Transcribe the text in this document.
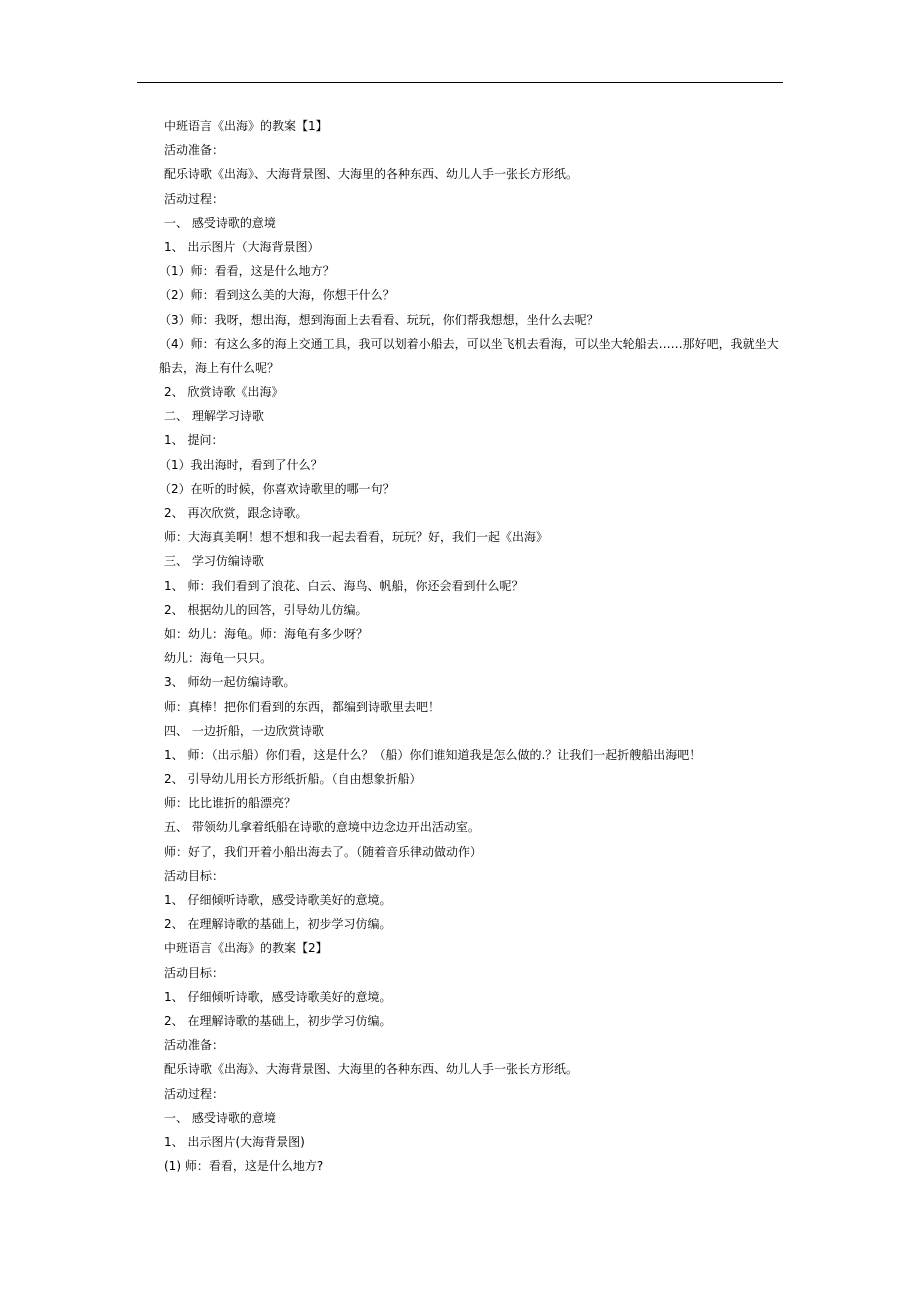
中班语言《出海》的教案【1】
活动准备：
配乐诗歌《出海》、大海背景图、大海里的各种东西、幼儿人手一张长方形纸。
活动过程：
一、 感受诗歌的意境
1、 出示图片（大海背景图）
（1）师：看看，这是什么地方？
（2）师：看到这么美的大海，你想干什么？
（3）师：我呀，想出海，想到海面上去看看、玩玩，你们帮我想想，坐什么去呢？
（4）师：有这么多的海上交通工具，我可以划着小船去，可以坐飞机去看海，可以坐大轮船去……那好吧，我就坐大船去，海上有什么呢？
2、 欣赏诗歌《出海》
二、 理解学习诗歌
1、 提问：
（1）我出海时，看到了什么？
（2）在听的时候，你喜欢诗歌里的哪一句？
2、 再次欣赏，跟念诗歌。
师：大海真美啊！想不想和我一起去看看，玩玩？好，我们一起《出海》
三、 学习仿编诗歌
1、 师：我们看到了浪花、白云、海鸟、帆船，你还会看到什么呢？
2、 根据幼儿的回答，引导幼儿仿编。
如：幼儿：海龟。师：海龟有多少呀？
幼儿：海龟一只只。
3、 师幼一起仿编诗歌。
师：真棒！把你们看到的东西，都编到诗歌里去吧！
四、 一边折船，一边欣赏诗歌
1、 师：（出示船）你们看，这是什么？（船）你们谁知道我是怎么做的.？让我们一起折艘船出海吧！
2、 引导幼儿用长方形纸折船。（自由想象折船）
师：比比谁折的船漂亮？
五、 带领幼儿拿着纸船在诗歌的意境中边念边开出活动室。
师：好了，我们开着小船出海去了。（随着音乐律动做动作）
活动目标：
1、 仔细倾听诗歌，感受诗歌美好的意境。
2、 在理解诗歌的基础上，初步学习仿编。
中班语言《出海》的教案【2】
活动目标：
1、 仔细倾听诗歌，感受诗歌美好的意境。
2、 在理解诗歌的基础上，初步学习仿编。
活动准备：
配乐诗歌《出海》、大海背景图、大海里的各种东西、幼儿人手一张长方形纸。
活动过程：
一、 感受诗歌的意境
1、 出示图片(大海背景图)
(1) 师：看看，这是什么地方?
